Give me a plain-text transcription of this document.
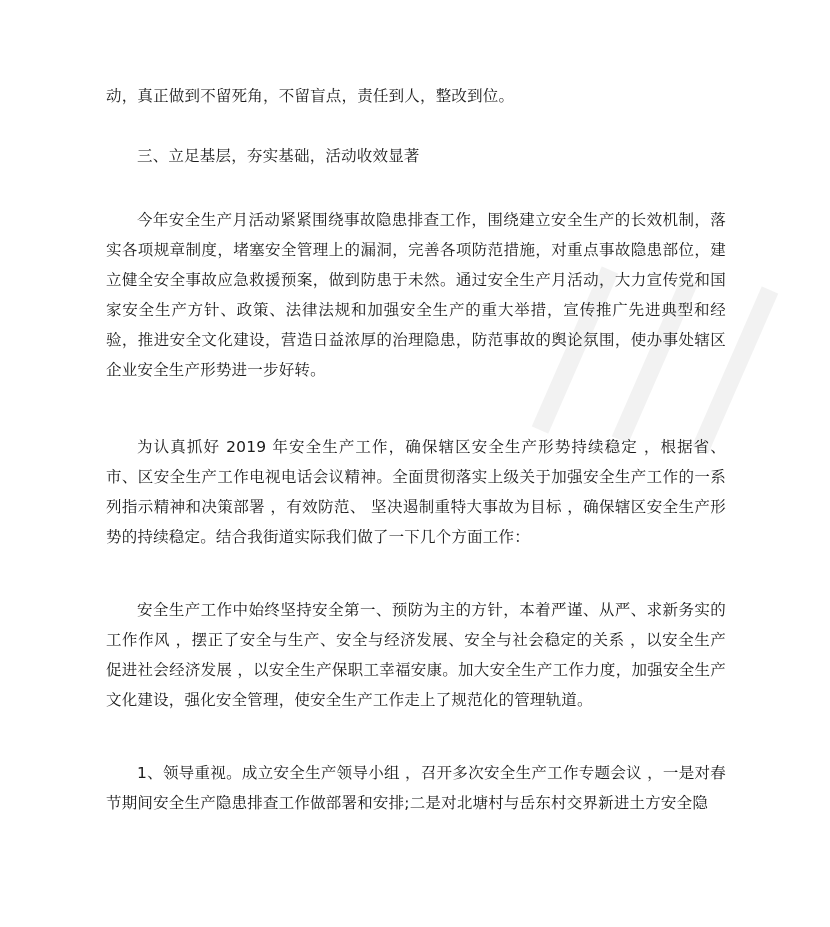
动，真正做到不留死角，不留盲点，责任到人，整改到位。

三、立足基层，夯实基础，活动收效显著

今年安全生产月活动紧紧围绕事故隐患排查工作，围绕建立安全生产的长效机制，落实各项规章制度，堵塞安全管理上的漏洞，完善各项防范措施，对重点事故隐患部位，建立健全安全事故应急救援预案，做到防患于未然。通过安全生产月活动，大力宣传党和国家安全生产方针、政策、法律法规和加强安全生产的重大举措，宣传推广先进典型和经验，推进安全文化建设，营造日益浓厚的治理隐患，防范事故的舆论氛围，使办事处辖区企业安全生产形势进一步好转。

为认真抓好 2019 年安全生产工作，确保辖区安全生产形势持续稳定 ，根据省、市、区安全生产工作电视电话会议精神。全面贯彻落实上级关于加强安全生产工作的一系列指示精神和决策部署 ，有效防范、 坚决遏制重特大事故为目标 ，确保辖区安全生产形势的持续稳定。结合我街道实际我们做了一下几个方面工作：

安全生产工作中始终坚持安全第一、预防为主的方针，本着严谨、从严、求新务实的工作作风 ，摆正了安全与生产、安全与经济发展、安全与社会稳定的关系 ，以安全生产促进社会经济发展 ，以安全生产保职工幸福安康。加大安全生产工作力度，加强安全生产文化建设，强化安全管理，使安全生产工作走上了规范化的管理轨道。

1、领导重视。成立安全生产领导小组 ，召开多次安全生产工作专题会议 ，一是对春节期间安全生产隐患排查工作做部署和安排;二是对北塘村与岳东村交界新进土方安全隐
